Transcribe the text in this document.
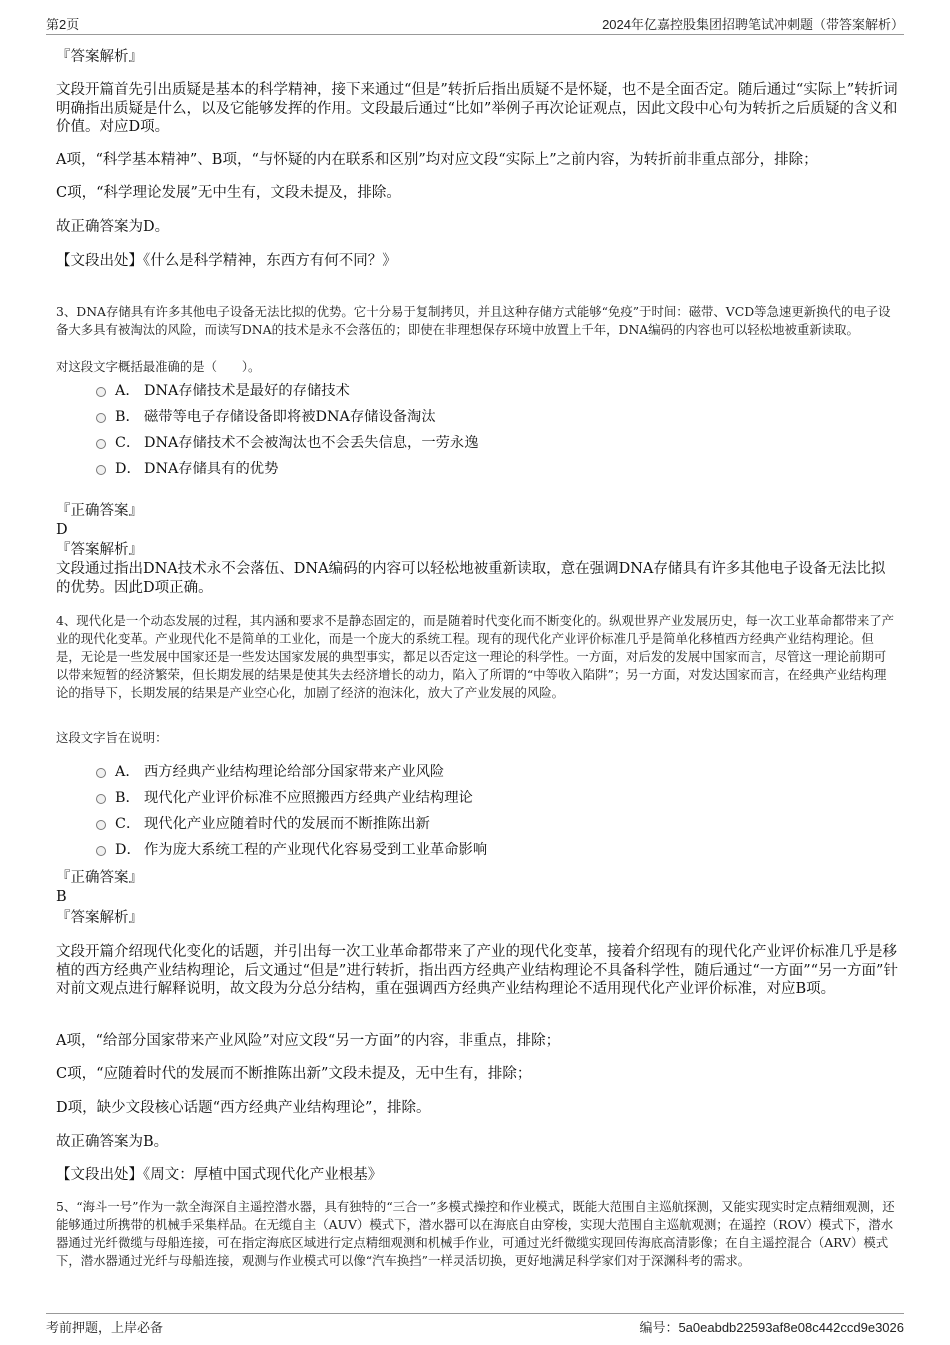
第2页	2024年亿嘉控股集团招聘笔试冲刺题（带答案解析）
『答案解析』
文段开篇首先引出质疑是基本的科学精神，接下来通过“但是”转折后指出质疑不是怀疑，也不是全面否定。随后通过“实际上”转折词明确指出质疑是什么，以及它能够发挥的作用。文段最后通过“比如”举例子再次论证观点，因此文段中心句为转折之后质疑的含义和价值。对应D项。
A项，“科学基本精神”、B项，“与怀疑的内在联系和区别”均对应文段“实际上”之前内容，为转折前非重点部分，排除；
C项，“科学理论发展”无中生有，文段未提及，排除。
故正确答案为D。
【文段出处】《什么是科学精神，东西方有何不同？》
3、DNA存储具有许多其他电子设备无法比拟的优势。它十分易于复制拷贝，并且这种存储方式能够“免疫”于时间：磁带、VCD等急速更新换代的电子设备大多具有被淘汰的风险，而读写DNA的技术是永不会落伍的；即使在非理想保存环境中放置上千年，DNA编码的内容也可以轻松地被重新读取。
对这段文字概括最准确的是（　　）。
A． DNA存储技术是最好的存储技术
B． 磁带等电子存储设备即将被DNA存储设备淘汰
C． DNA存储技术不会被淘汰也不会丢失信息，一劳永逸
D． DNA存储具有的优势
『正确答案』
D
『答案解析』
文段通过指出DNA技术永不会落伍、DNA编码的内容可以轻松地被重新读取，意在强调DNA存储具有许多其他电子设备无法比拟的优势。因此D项正确。
4、现代化是一个动态发展的过程，其内涵和要求不是静态固定的，而是随着时代变化而不断变化的。纵观世界产业发展历史，每一次工业革命都带来了产业的现代化变革。产业现代化不是简单的工业化，而是一个庞大的系统工程。现有的现代化产业评价标准几乎是简单化移植西方经典产业结构理论。但是，无论是一些发展中国家还是一些发达国家发展的典型事实，都足以否定这一理论的科学性。一方面，对后发的发展中国家而言，尽管这一理论前期可以带来短暂的经济繁荣，但长期发展的结果是使其失去经济增长的动力，陷入了所谓的“中等收入陷阱”；另一方面，对发达国家而言，在经典产业结构理论的指导下，长期发展的结果是产业空心化，加剧了经济的泡沫化，放大了产业发展的风险。
这段文字旨在说明：
A． 西方经典产业结构理论给部分国家带来产业风险
B． 现代化产业评价标准不应照搬西方经典产业结构理论
C． 现代化产业应随着时代的发展而不断推陈出新
D． 作为庞大系统工程的产业现代化容易受到工业革命影响
『正确答案』
B
『答案解析』
文段开篇介绍现代化变化的话题，并引出每一次工业革命都带来了产业的现代化变革，接着介绍现有的现代化产业评价标准几乎是移植的西方经典产业结构理论，后文通过“但是”进行转折，指出西方经典产业结构理论不具备科学性，随后通过“一方面”“另一方面”针对前文观点进行解释说明，故文段为分总分结构，重在强调西方经典产业结构理论不适用现代化产业评价标准，对应B项。
A项，“给部分国家带来产业风险”对应文段“另一方面”的内容，非重点，排除；
C项，“应随着时代的发展而不断推陈出新”文段未提及，无中生有，排除；
D项，缺少文段核心话题“西方经典产业结构理论”，排除。
故正确答案为B。
【文段出处】《周文：厚植中国式现代化产业根基》
5、“海斗一号”作为一款全海深自主遥控潜水器，具有独特的“三合一”多模式操控和作业模式，既能大范围自主巡航探测，又能实现实时定点精细观测，还能够通过所携带的机械手采集样品。在无缆自主（AUV）模式下，潜水器可以在海底自由穿梭，实现大范围自主巡航观测；在遥控（ROV）模式下，潜水器通过光纤微缆与母船连接，可在指定海底区域进行定点精细观测和机械手作业，可通过光纤微缆实现回传海底高清影像；在自主遥控混合（ARV）模式下，潜水器通过光纤与母船连接，观测与作业模式可以像“汽车换挡”一样灵活切换，更好地满足科学家们对于深渊科考的需求。
考前押题，上岸必备	编号：5a0eabdb22593af8e08c442ccd9e3026
